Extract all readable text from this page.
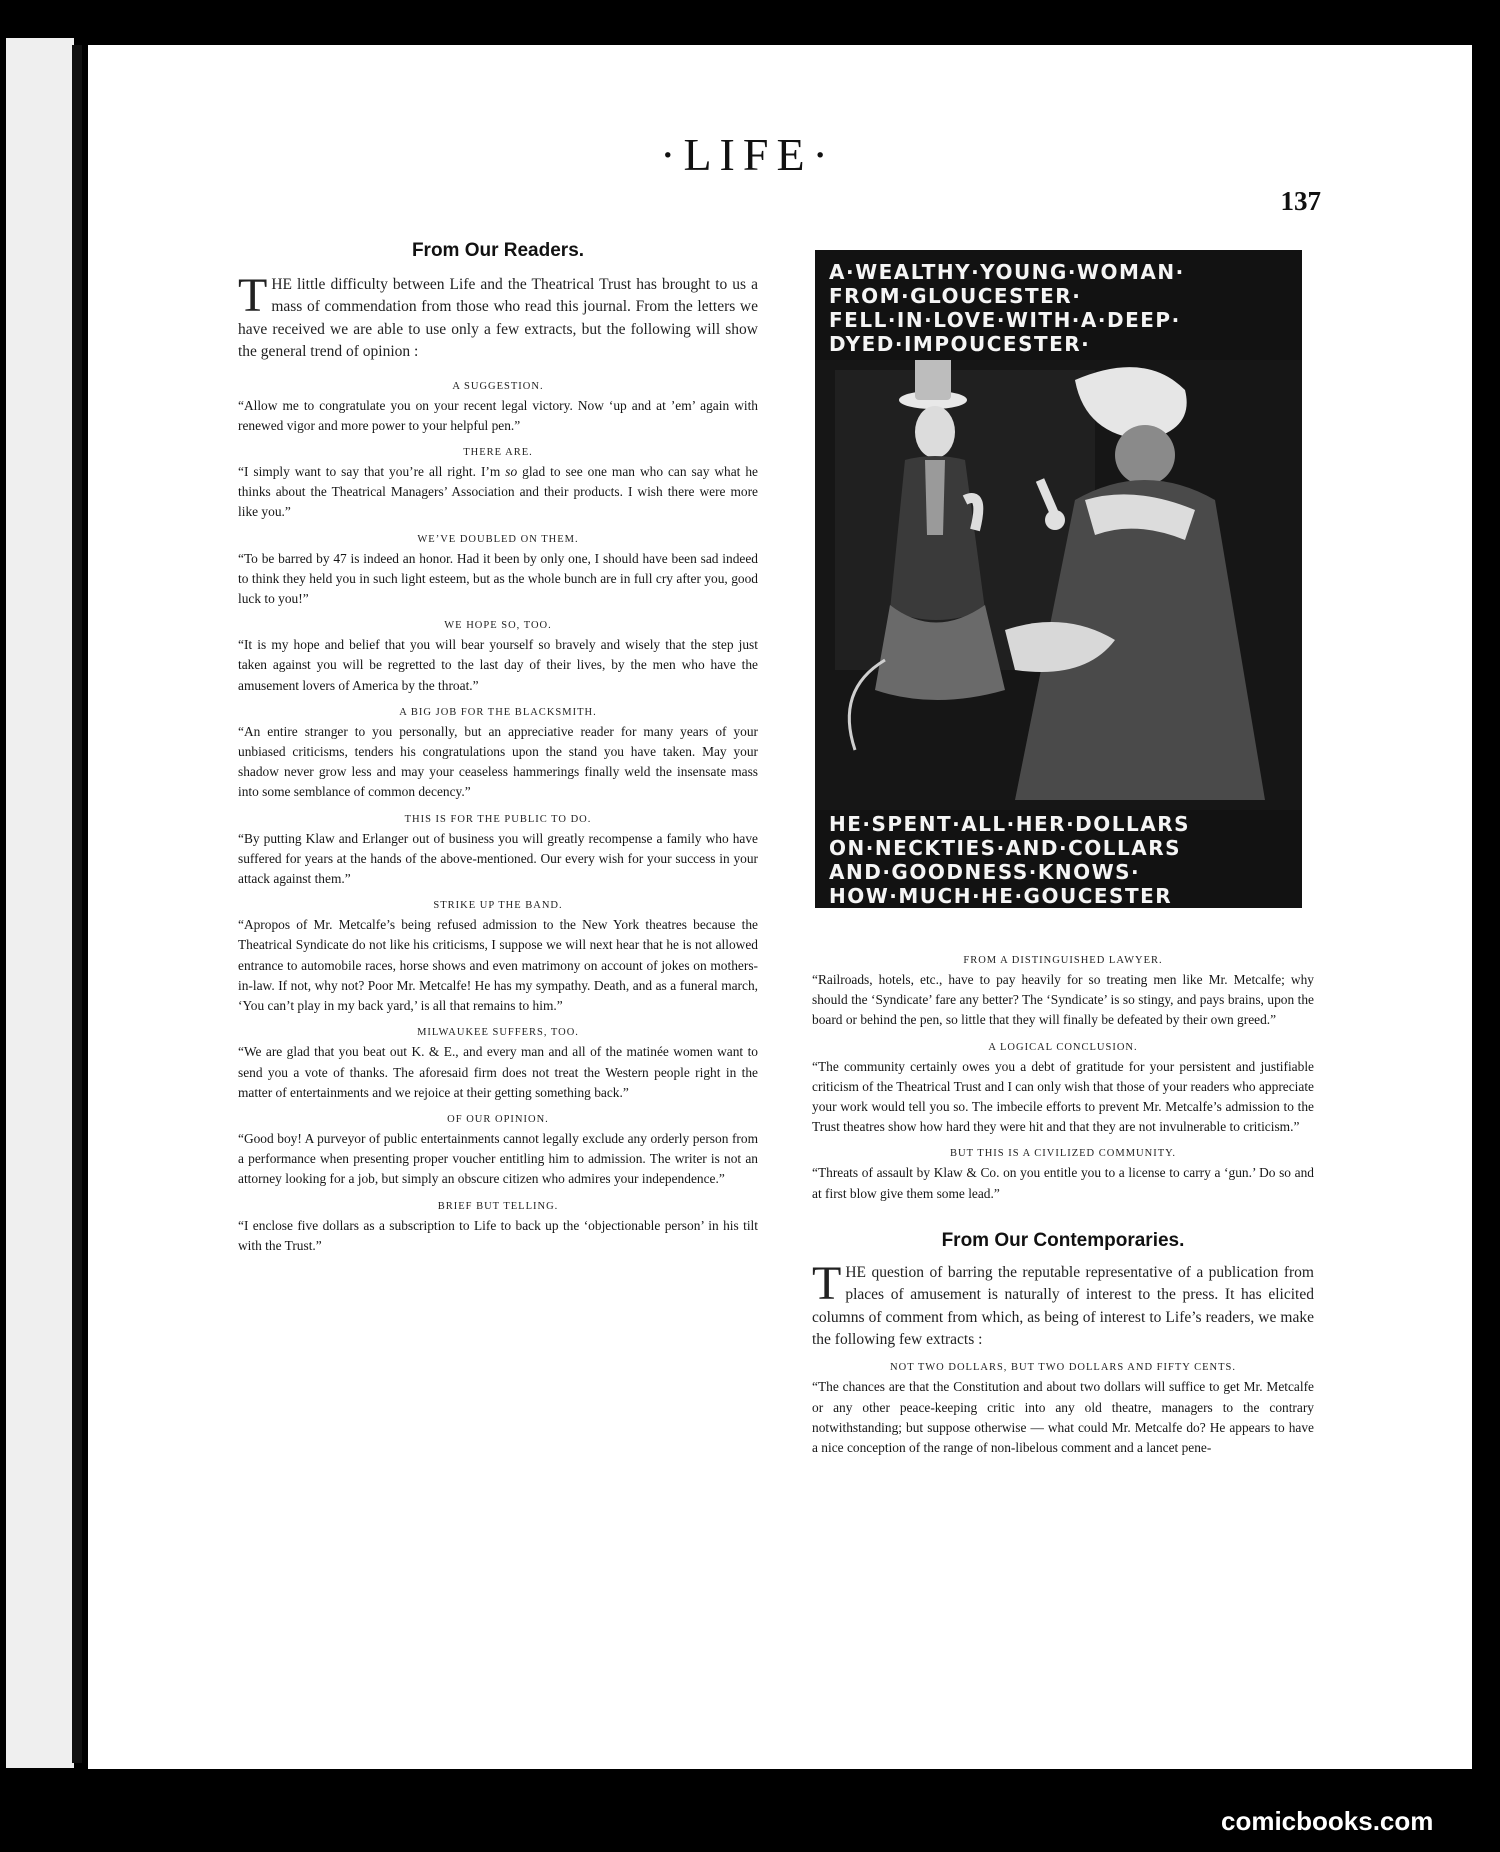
·LIFE·
137
From Our Readers.

THE little difficulty between Life and the Theatrical Trust has brought to us a mass of commendation from those who read this journal. From the letters we have received we are able to use only a few extracts, but the following will show the general trend of opinion :

A SUGGESTION.

“Allow me to congratulate you on your recent legal victory. Now ‘up and at ’em’ again with renewed vigor and more power to your helpful pen.”

THERE ARE.

“I simply want to say that you’re all right. I’m so glad to see one man who can say what he thinks about the Theatrical Managers’ Association and their products. I wish there were more like you.”

WE’VE DOUBLED ON THEM.

“To be barred by 47 is indeed an honor. Had it been by only one, I should have been sad indeed to think they held you in such light esteem, but as the whole bunch are in full cry after you, good luck to you!”

WE HOPE SO, TOO.

“It is my hope and belief that you will bear yourself so bravely and wisely that the step just taken against you will be regretted to the last day of their lives, by the men who have the amusement lovers of America by the throat.”

A BIG JOB FOR THE BLACKSMITH.

“An entire stranger to you personally, but an appreciative reader for many years of your unbiased criticisms, tenders his congratulations upon the stand you have taken. May your shadow never grow less and may your ceaseless hammerings finally weld the insensate mass into some semblance of common decency.”

THIS IS FOR THE PUBLIC TO DO.

“By putting Klaw and Erlanger out of business you will greatly recompense a family who have suffered for years at the hands of the above-mentioned. Our every wish for your success in your attack against them.”

STRIKE UP THE BAND.

“Apropos of Mr. Metcalfe’s being refused admission to the New York theatres because the Theatrical Syndicate do not like his criticisms, I suppose we will next hear that he is not allowed entrance to automobile races, horse shows and even matrimony on account of jokes on mothers-in-law. If not, why not? Poor Mr. Metcalfe! He has my sympathy. Death, and as a funeral march, ‘You can’t play in my back yard,’ is all that remains to him.”

MILWAUKEE SUFFERS, TOO.

“We are glad that you beat out K. & E., and every man and all of the matinée women want to send you a vote of thanks. The aforesaid firm does not treat the Western people right in the matter of entertainments and we rejoice at their getting something back.”

OF OUR OPINION.

“Good boy! A purveyor of public entertainments cannot legally exclude any orderly person from a performance when presenting proper voucher entitling him to admission. The writer is not an attorney looking for a job, but simply an obscure citizen who admires your independence.”

BRIEF BUT TELLING.

“I enclose five dollars as a subscription to Life to back up the ‘objectionable person’ in his tilt with the Trust.”

A·WEALTHY·YOUNG·WOMAN·
FROM·GLOUCESTER·
FELL·IN·LOVE·WITH·A·DEEP·
DYED·IMPOUCESTER·
HE·SPENT·ALL·HER·DOLLARS
ON·NECKTIES·AND·COLLARS
AND·GOODNESS·KNOWS·
HOW·MUCH·HE·GOUCESTER
FROM A DISTINGUISHED LAWYER.

“Railroads, hotels, etc., have to pay heavily for so treating men like Mr. Metcalfe; why should the ‘Syndicate’ fare any better? The ‘Syndicate’ is so stingy, and pays brains, upon the board or behind the pen, so little that they will finally be defeated by their own greed.”

A LOGICAL CONCLUSION.

“The community certainly owes you a debt of gratitude for your persistent and justifiable criticism of the Theatrical Trust and I can only wish that those of your readers who appreciate your work would tell you so. The imbecile efforts to prevent Mr. Metcalfe’s admission to the Trust theatres show how hard they were hit and that they are not invulnerable to criticism.”

BUT THIS IS A CIVILIZED COMMUNITY.

“Threats of assault by Klaw & Co. on you entitle you to a license to carry a ‘gun.’ Do so and at first blow give them some lead.”

From Our Contemporaries.

THE question of barring the reputable representative of a publication from places of amusement is naturally of interest to the press. It has elicited columns of comment from which, as being of interest to Life’s readers, we make the following few extracts :

NOT TWO DOLLARS, BUT TWO DOLLARS AND FIFTY CENTS.

“The chances are that the Constitution and about two dollars will suffice to get Mr. Metcalfe or any other peace-keeping critic into any old theatre, managers to the contrary notwithstanding; but suppose otherwise — what could Mr. Metcalfe do? He appears to have a nice conception of the range of non-libelous comment and a lancet pene-

comicbooks.com
